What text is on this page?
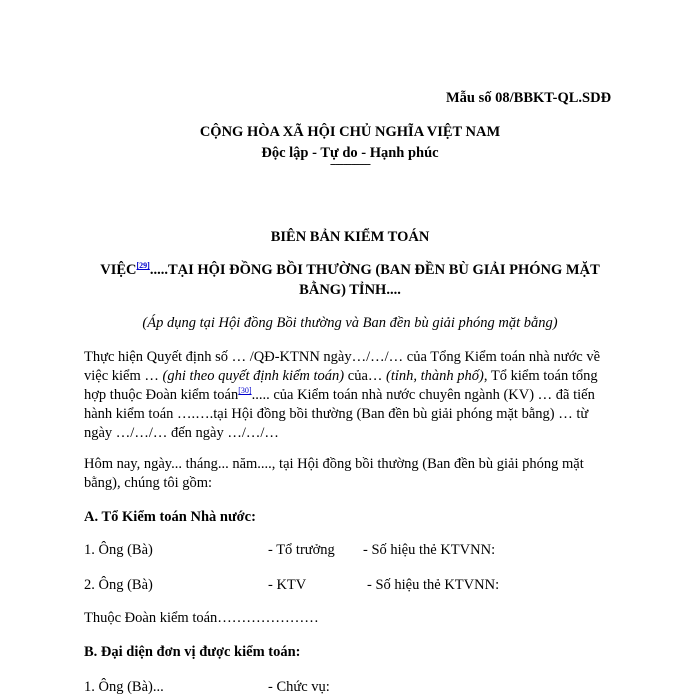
Mẫu số 08/BBKT-QL.SDĐ
CỘNG HÒA XÃ HỘI CHỦ NGHĨA VIỆT NAM
Độc lập - Tự do - Hạnh phúc
---------------
BIÊN BẢN KIỂM TOÁN
VIỆC[29].....TẠI HỘI ĐỒNG BỒI THƯỜNG (BAN ĐỀN BÙ GIẢI PHÓNG MẶT
BẰNG) TỈNH....
(Áp dụng tại Hội đồng Bồi thường và Ban đền bù giải phóng mặt bằng)
Thực hiện Quyết định số … /QĐ-KTNN ngày…/…/… của Tổng Kiểm toán nhà nước về
việc kiểm … (ghi theo quyết định kiểm toán) của… (tỉnh, thành phố), Tổ kiểm toán tổng
hợp thuộc Đoàn kiểm toán[30]..... của Kiểm toán nhà nước chuyên ngành (KV) … đã tiến
hành kiểm toán ….….tại Hội đồng bồi thường (Ban đền bù giải phóng mặt bằng) … từ
ngày …/…/… đến ngày …/…/…
Hôm nay, ngày... tháng... năm...., tại Hội đồng bồi thường (Ban đền bù giải phóng mặt
bằng), chúng tôi gồm:
A. Tổ Kiểm toán Nhà nước:
1. Ông (Bà)	- Tổ trưởng - Số hiệu thẻ KTVNN:
2. Ông (Bà)	- KTV	- Số hiệu thẻ KTVNN:
Thuộc Đoàn kiểm toán…………………
B. Đại diện đơn vị được kiểm toán:
1. Ông (Bà)...	- Chức vụ:
